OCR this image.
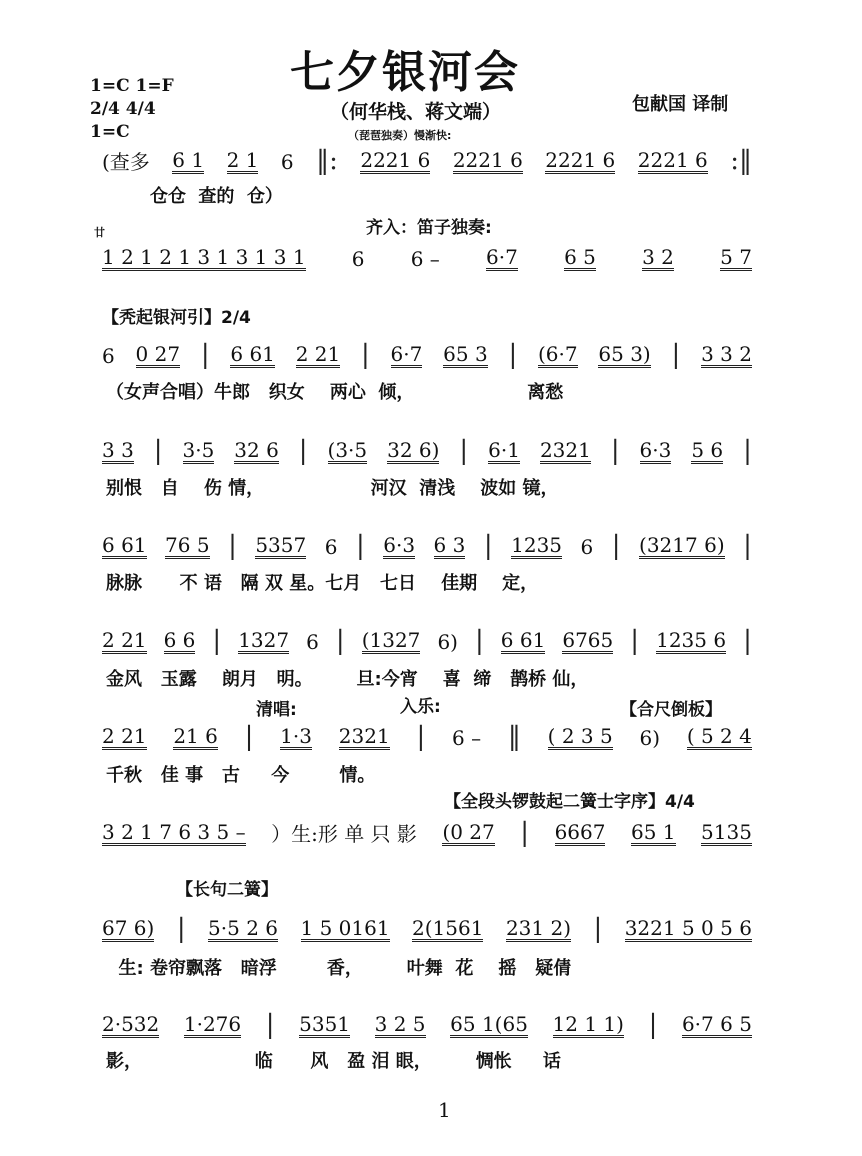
七夕银河会
（何华栈、蒋文端）	包献国 译制
1=C 1=F
2/4 4/4
1=C	（琵琶独奏）慢渐快:
齐入：笛子独奏:
廿
【秃起银河引】2/4
清唱:	入乐:	【合尺倒板】
【全段头锣鼓起二簧士字序】4/4
【长句二簧】
(查多 6 1 2 1 6 ‖: 2221 6 2221 6 2221 6 2221 6 :‖
仓仓  查的  仓）
1 2 1 2 1 3 1 3 1 3 1 6 6 – 6·7 6 5 3 2 5 7
6 0 27 | 6 61 2 21 | 6·7 65 3 | (6·7 65 3) | 3 3 2
（女声合唱）牛郎   织女    两心  倾，                  离愁
3 3 | 3·5 32 6 | (3·5 32 6) | 6·1 2321 | 6·3 5 6 |
别恨   自    伤 情，                 河汉  清浅    波如 镜，
6 61 76 5 | 5357 6 | 6·3 6 3 | 1235 6 | (3217 6) |
脉脉      不 语   隔 双 星。七月   七日    佳期    定，
2 21 6 6 | 1327 6 | (1327 6) | 6 61 6765 | 1235 6 |
金风   玉露    朗月   明。       旦:今宵    喜  缔   鹊桥 仙，
2 21 21 6 | 1·3 2321 | 6 – ‖ ( 2 3 5 6) ( 5 2 4
千秋   佳 事   古     今        情。
3 2 1 7 6 3 5 – ）生:形 单 只 影 (0 27 | 6667 65 1 5135
67 6) | 5·5 2 6 1 5 0161 2(1561 231 2) | 3221 5 0 5 6
生: 卷帘飘落   暗浮        香，       叶舞  花    摇   疑倩
2·532 1·276 | 5351 3 2 5 65 1(65 12 1 1) | 6·7 6 5
影，                  临      风   盈 泪 眼，       惆怅     话
1
